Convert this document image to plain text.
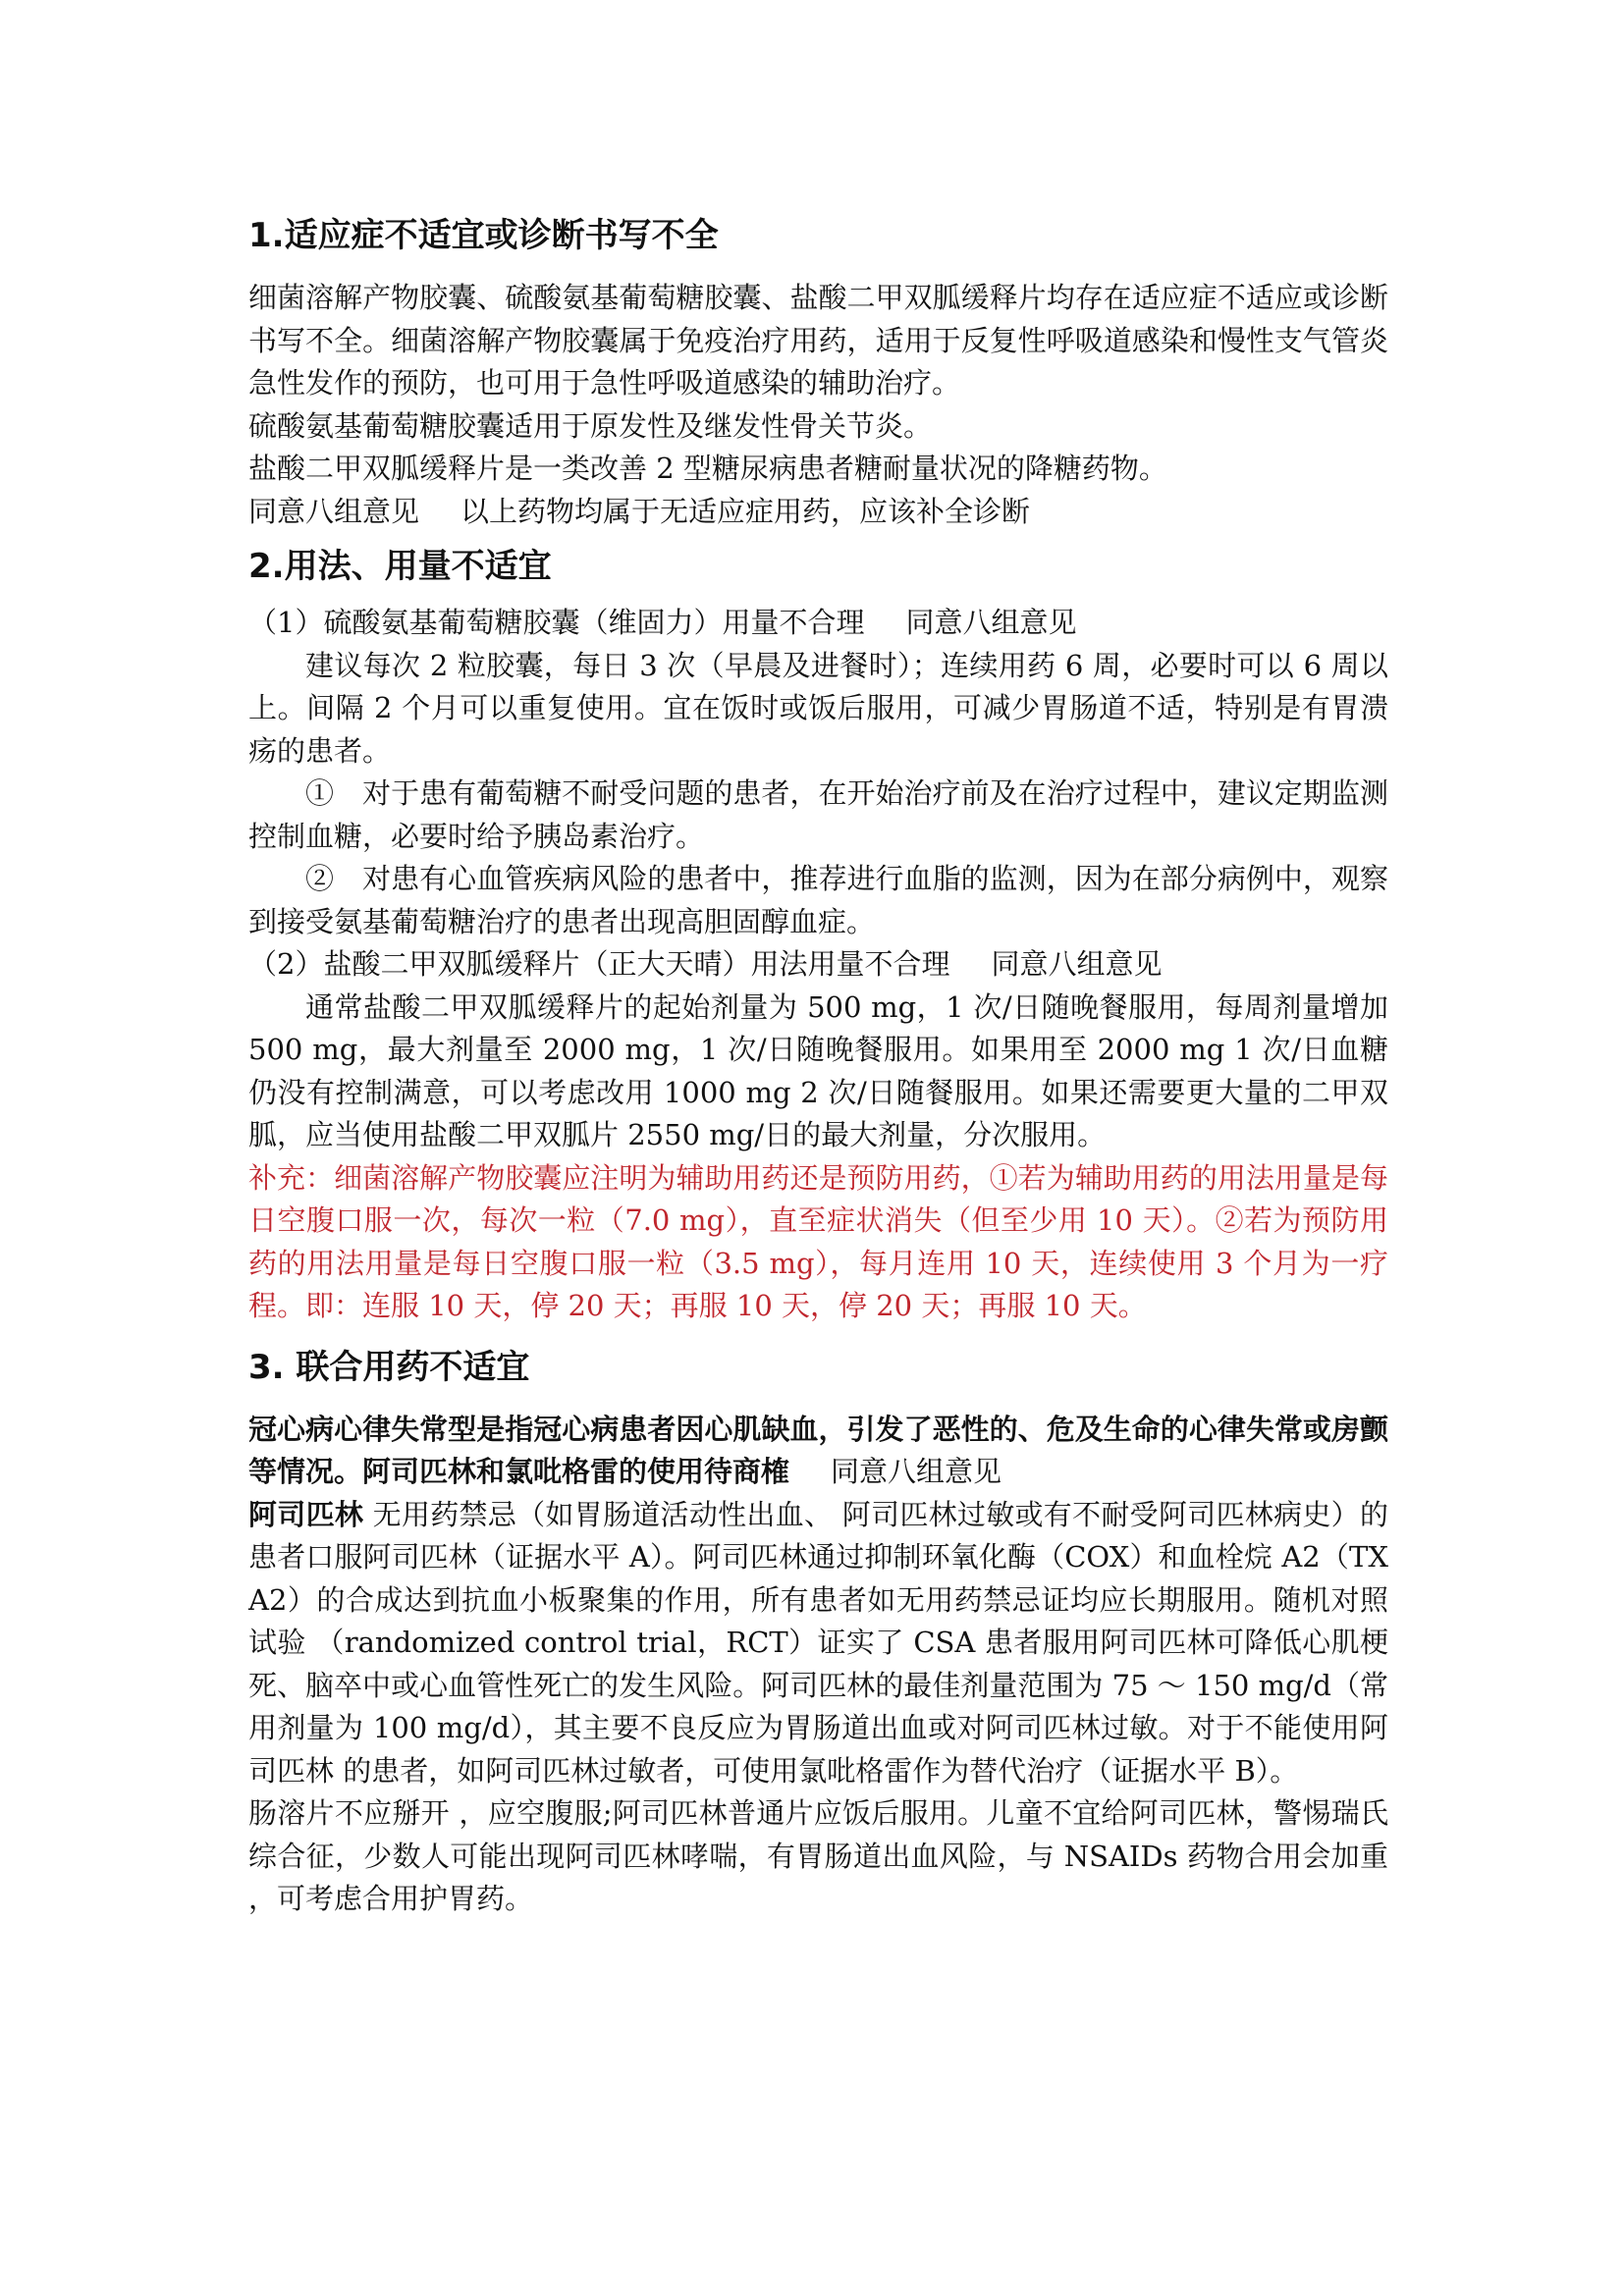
1.适应症不适宜或诊断书写不全

细菌溶解产物胶囊、硫酸氨基葡萄糖胶囊、盐酸二甲双胍缓释片均存在适应症不适应或诊断书写不全。细菌溶解产物胶囊属于免疫治疗用药，适用于反复性呼吸道感染和慢性支气管炎急性发作的预防，也可用于急性呼吸道感染的辅助治疗。

硫酸氨基葡萄糖胶囊适用于原发性及继发性骨关节炎。

盐酸二甲双胍缓释片是一类改善 2 型糖尿病患者糖耐量状况的降糖药物。

同意八组意见 以上药物均属于无适应症用药，应该补全诊断

2.用法、用量不适宜

（1）硫酸氨基葡萄糖胶囊（维固力）用量不合理 同意八组意见

建议每次 2 粒胶囊，每日 3 次（早晨及进餐时）；连续用药 6 周，必要时可以 6 周以上。间隔 2 个月可以重复使用。宜在饭时或饭后服用，可减少胃肠道不适，特别是有胃溃疡的患者。

①　对于患有葡萄糖不耐受问题的患者，在开始治疗前及在治疗过程中，建议定期监测控制血糖，必要时给予胰岛素治疗。

②　对患有心血管疾病风险的患者中，推荐进行血脂的监测，因为在部分病例中，观察到接受氨基葡萄糖治疗的患者出现高胆固醇血症。

（2）盐酸二甲双胍缓释片（正大天晴）用法用量不合理 同意八组意见

通常盐酸二甲双胍缓释片的起始剂量为 500 mg，1 次/日随晚餐服用，每周剂量增加 500 mg，最大剂量至 2000 mg，1 次/日随晚餐服用。如果用至 2000 mg 1 次/日血糖仍没有控制满意，可以考虑改用 1000 mg 2 次/日随餐服用。如果还需要更大量的二甲双胍，应当使用盐酸二甲双胍片 2550 mg/日的最大剂量，分次服用。

补充：细菌溶解产物胶囊应注明为辅助用药还是预防用药，①若为辅助用药的用法用量是每日空腹口服一次，每次一粒（7.0 mg），直至症状消失（但至少用 10 天）。②若为预防用药的用法用量是每日空腹口服一粒（3.5 mg），每月连用 10 天，连续使用 3 个月为一疗程。即：连服 10 天，停 20 天；再服 10 天，停 20 天；再服 10 天。

3. 联合用药不适宜

冠心病心律失常型是指冠心病患者因心肌缺血，引发了恶性的、危及生命的心律失常或房颤等情况。阿司匹林和氯吡格雷的使用待商榷 同意八组意见

阿司匹林 无用药禁忌（如胃肠道活动性出血、 阿司匹林过敏或有不耐受阿司匹林病史）的患者口服阿司匹林（证据水平 A）。阿司匹林通过抑制环氧化酶（COX）和血栓烷 A2（TXA2）的合成达到抗血小板聚集的作用，所有患者如无用药禁忌证均应长期服用。随机对照试验 （randomized control trial，RCT）证实了 CSA 患者服用阿司匹林可降低心肌梗死、脑卒中或心血管性死亡的发生风险。阿司匹林的最佳剂量范围为 75 ～ 150 mg/d（常用剂量为 100 mg/d），其主要不良反应为胃肠道出血或对阿司匹林过敏。对于不能使用阿司匹林 的患者，如阿司匹林过敏者，可使用氯吡格雷作为替代治疗（证据水平 B）。

肠溶片不应掰开 ，应空腹服;阿司匹林普通片应饭后服用。儿童不宜给阿司匹林，警惕瑞氏综合征，少数人可能出现阿司匹林哮喘，有胃肠道出血风险，与 NSAIDs 药物合用会加重 ，可考虑合用护胃药。
